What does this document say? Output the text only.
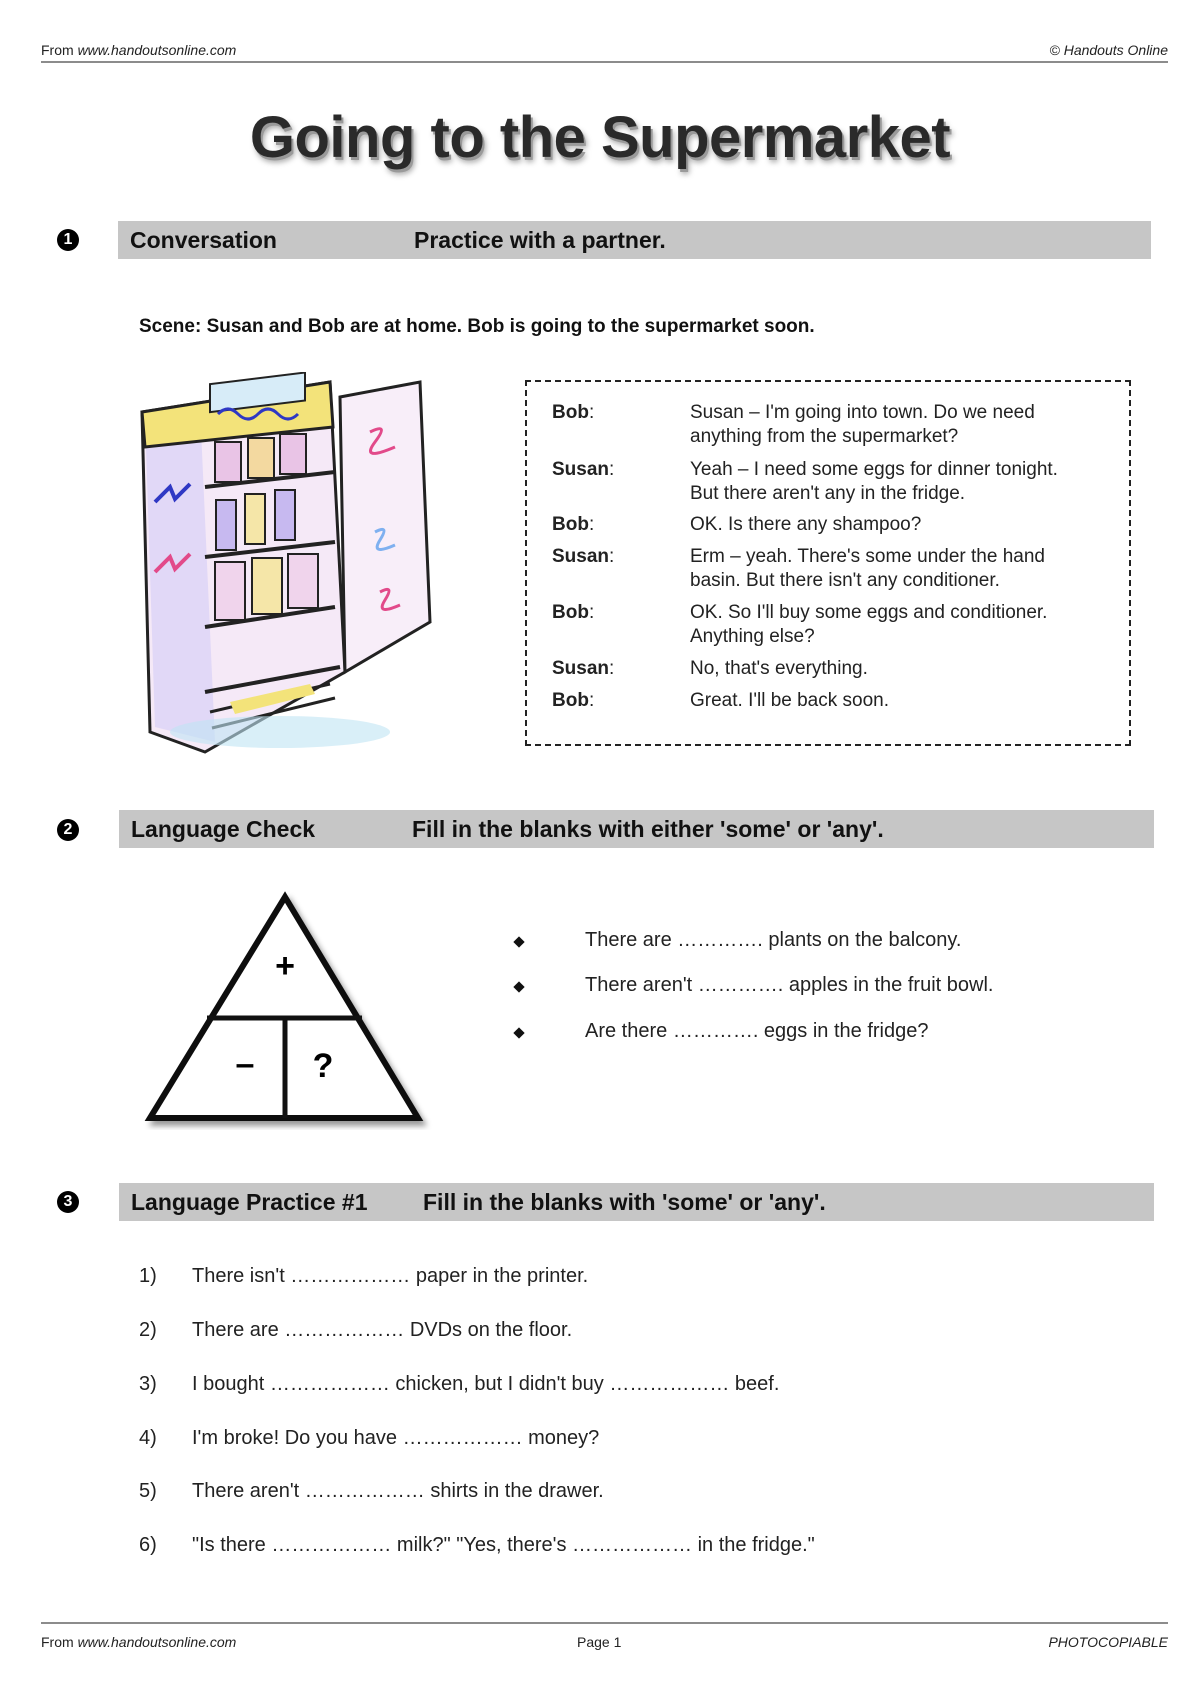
From www.handoutsonline.com	© Handouts Online
Going to the Supermarket
1	Conversation	Practice with a partner.
Scene: Susan and Bob are at home. Bob is going to the supermarket soon.
Bob:	Susan – I'm going into town. Do we need
anything from the supermarket?
Susan:	Yeah – I need some eggs for dinner tonight.
But there aren't any in the fridge.
Bob:	OK. Is there any shampoo?
Susan:	Erm – yeah. There's some under the hand
basin. But there isn't any conditioner.
Bob:	OK. So I'll buy some eggs and conditioner.
Anything else?
Susan:	No, that's everything.
Bob:	Great. I'll be back soon.
2	Language Check	Fill in the blanks with either 'some' or 'any'.
+
– ?
There are …………. plants on the balcony.
There aren't …………. apples in the fruit bowl.
Are there …………. eggs in the fridge?
3	Language Practice #1 Fill in the blanks with 'some' or 'any'.
1) There isn't ……………… paper in the printer.
2) There are ……………… DVDs on the floor.
3) I bought ……………… chicken, but I didn't buy ……………… beef.
4) I'm broke! Do you have ……………… money?
5) There aren't ……………… shirts in the drawer.
6) "Is there ……………… milk?" "Yes, there's ……………… in the fridge."
From www.handoutsonline.com	Page 1	PHOTOCOPIABLE
